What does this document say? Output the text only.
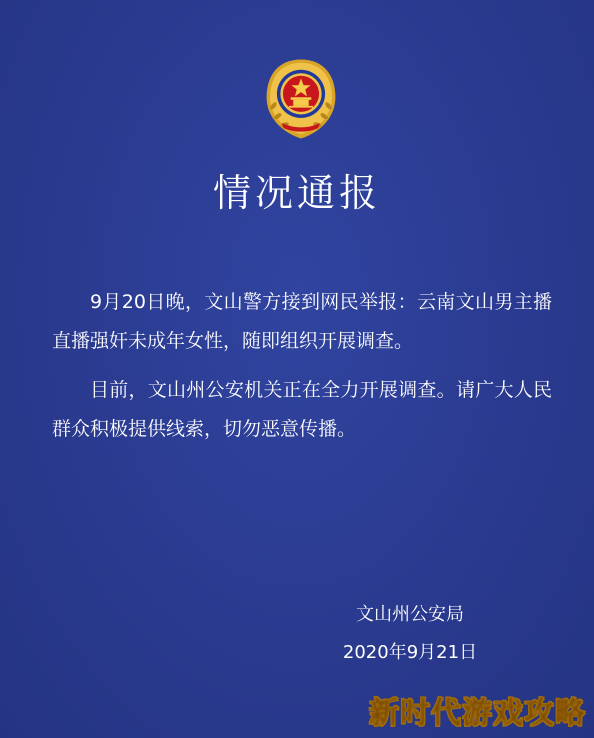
情况通报

9月20日晚，文山警方接到网民举报：云南文山男主播直播强奸未成年女性，随即组织开展调查。

目前，文山州公安机关正在全力开展调查。请广大人民群众积极提供线索，切勿恶意传播。

文山州公安局
2020年9月21日
新时代游戏攻略
